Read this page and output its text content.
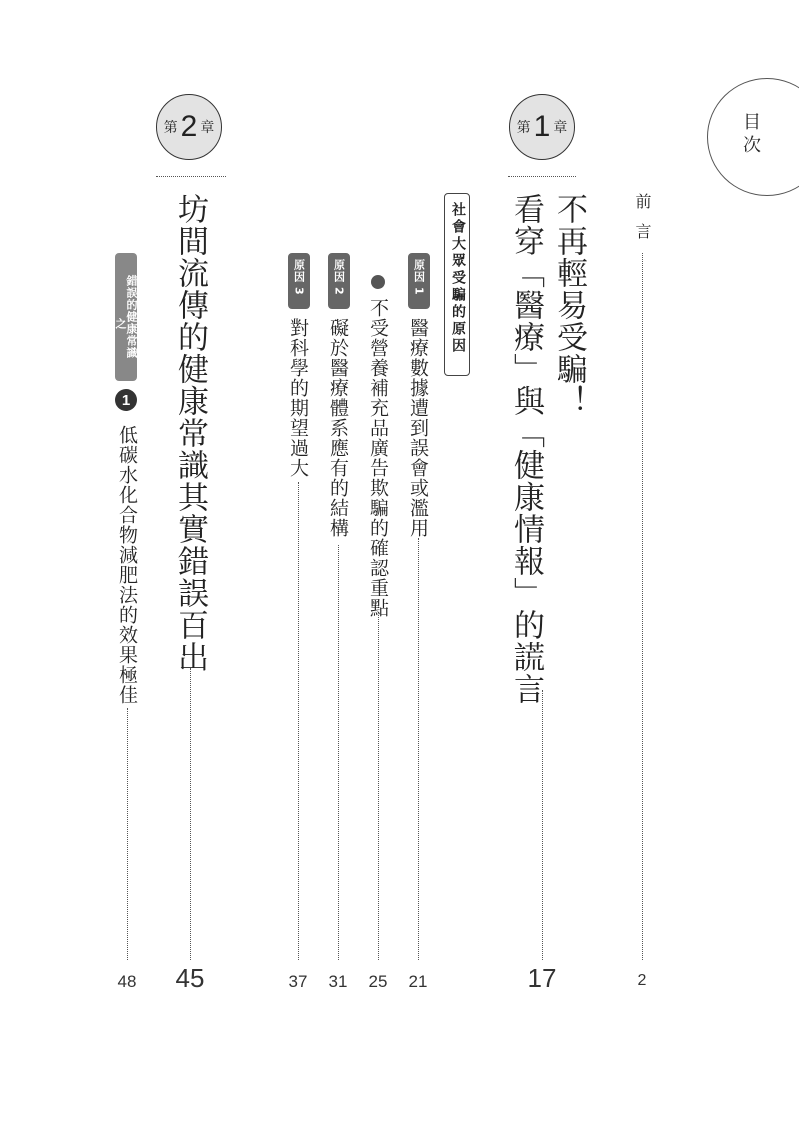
目
次
前言
2
第 1 章
不再輕易受騙！
看穿「醫療」與「健康情報」的謊言
17
社會大眾受騙的原因
原因
1
醫療數據遭到誤會或濫用
21
不受營養補充品廣告欺騙的確認重點
25
原因
2
礙於醫療體系應有的結構
31
原因
3
對科學的期望過大
37
第 2 章
坊間流傳的健康常識其實錯誤百出
45
錯誤的健康常識
之
1
低碳水化合物減肥法的效果極佳
48
